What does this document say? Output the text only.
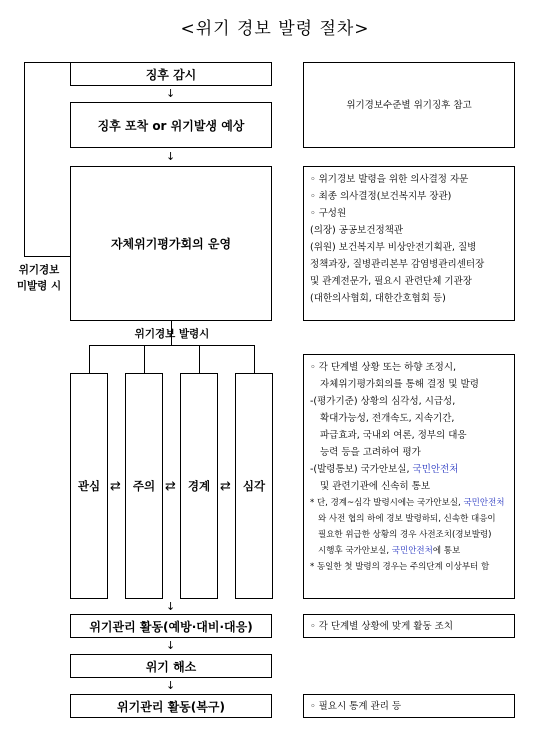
<위기 경보 발령 절차>
징후 감시
↓
징후 포착 or 위기발생 예상
↓
자체위기평가회의 운영
위기경보
미발령 시
위기경보 발령시
관심	주의	경계	심각
⇄	⇄	⇄
↓
위기관리 활동(예방·대비·대응)
↓
위기 해소
↓
위기관리 활동(복구)
위기경보수준별 위기징후 참고
◦ 위기경보 발령을 위한 의사결정 자문
◦ 최종 의사결정(보건복지부 장관)
◦ 구성원
(의장) 공공보건정책관
(위원) 보건복지부 비상안전기획관, 질병
정책과장, 질병관리본부 감염병관리센터장
및 관계전문가, 필요시 관련단체 기관장
(대한의사협회, 대한간호협회 등)
◦ 각 단계별 상황 또는 하향 조정시,
자체위기평가회의를 통해 결정 및 발령
-(평가기준) 상황의 심각성, 시급성,
확대가능성, 전개속도, 지속기간,
파급효과, 국내외 여론, 정부의 대응
능력 등을 고려하여 평가
-(발령통보) 국가안보실, 국민안전처
및 관련기관에 신속히 통보
* 단, 경계~심각 발령시에는 국가안보실, 국민안전처
와 사전 협의 하에 경보 발령하되, 신속한 대응이
필요한 위급한 상황의 경우 사전조치(경보발령)
시행후 국가안보실, 국민안전처에 통보
* 동일한 첫 발령의 경우는 주의단계 이상부터 함
◦ 각 단계별 상황에 맞게 활동 조치
◦ 필요시 통계 관리 등
